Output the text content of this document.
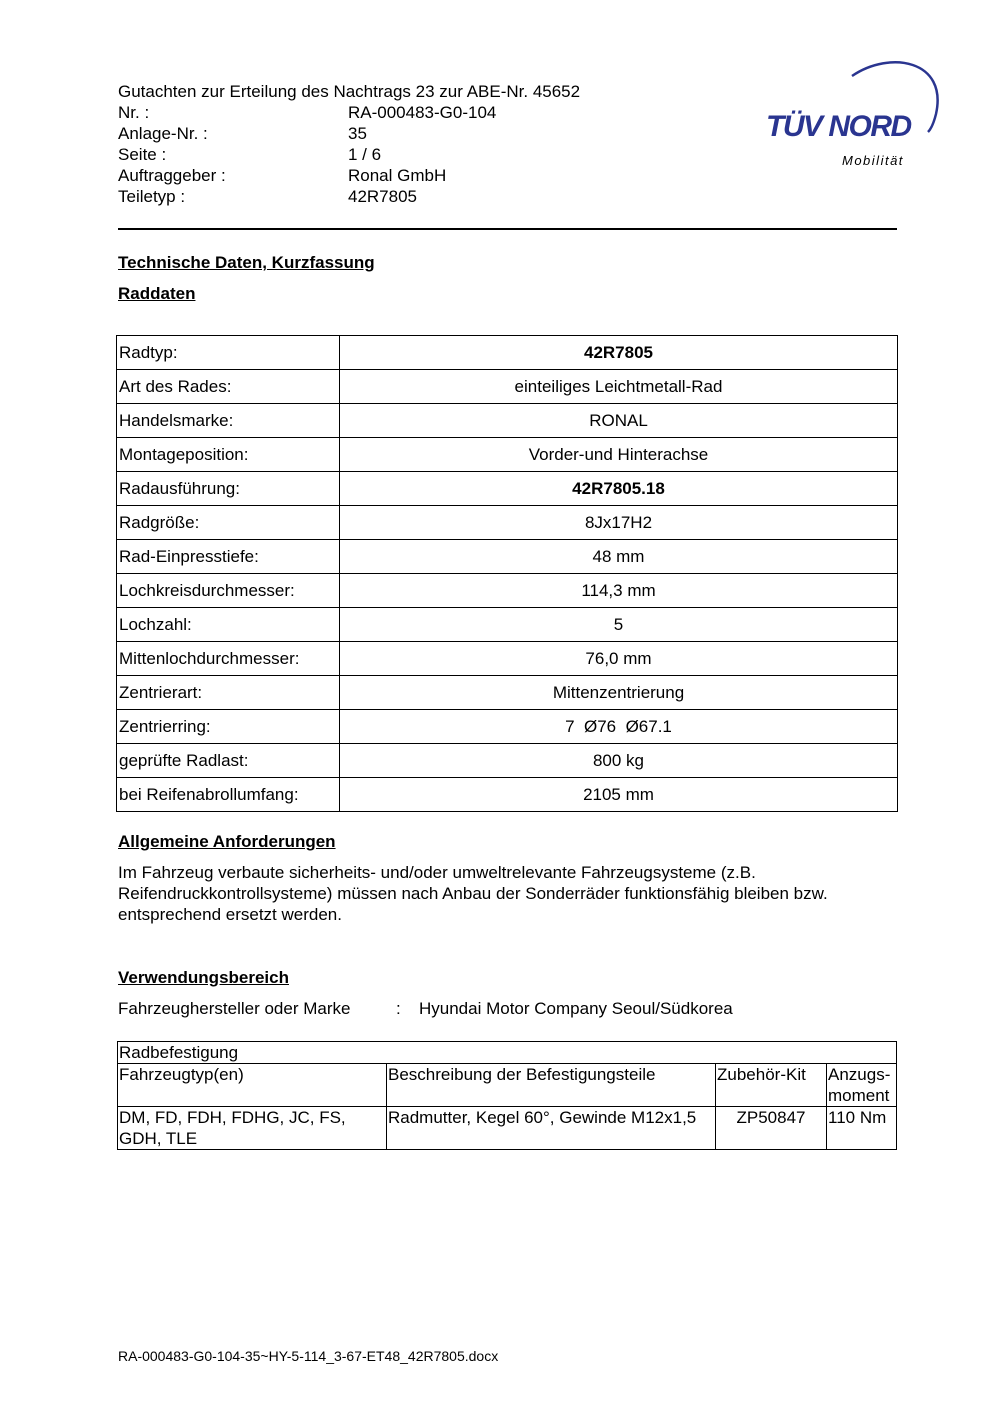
Gutachten zur Erteilung des Nachtrags 23 zur ABE-Nr. 45652
Nr. :	RA-000483-G0-104
Anlage-Nr. :	35
Seite :	1 / 6
Auftraggeber :	Ronal GmbH
Teiletyp :	42R7805
TÜV NORD
Mobilität
Technische Daten, Kurzfassung
Raddaten
Radtyp:	42R7805
Art des Rades:	einteiliges Leichtmetall-Rad
Handelsmarke:	RONAL
Montageposition:	Vorder-und Hinterachse
Radausführung:	42R7805.18
Radgröße:	8Jx17H2
Rad-Einpresstiefe:	48 mm
Lochkreisdurchmesser:	114,3 mm
Lochzahl:	5
Mittenlochdurchmesser:	76,0 mm
Zentrierart:	Mittenzentrierung
Zentrierring:	7  Ø76  Ø67.1
geprüfte Radlast:	800 kg
bei Reifenabrollumfang:	2105 mm
Allgemeine Anforderungen
Im Fahrzeug verbaute sicherheits- und/oder umweltrelevante Fahrzeugsysteme (z.B. Reifendruckkontrollsysteme) müssen nach Anbau der Sonderräder funktionsfähig bleiben bzw. entsprechend ersetzt werden.
Verwendungsbereich
Fahrzeughersteller oder Marke	: Hyundai Motor Company Seoul/Südkorea
Radbefestigung			
Fahrzeugtyp(en)	Beschreibung der Befestigungsteile	Zubehör-Kit	Anzugs-moment
DM, FD, FDH, FDHG, JC, FS, GDH, TLE	Radmutter, Kegel 60°, Gewinde M12x1,5	ZP50847	110 Nm
RA-000483-G0-104-35~HY-5-114_3-67-ET48_42R7805.docx
